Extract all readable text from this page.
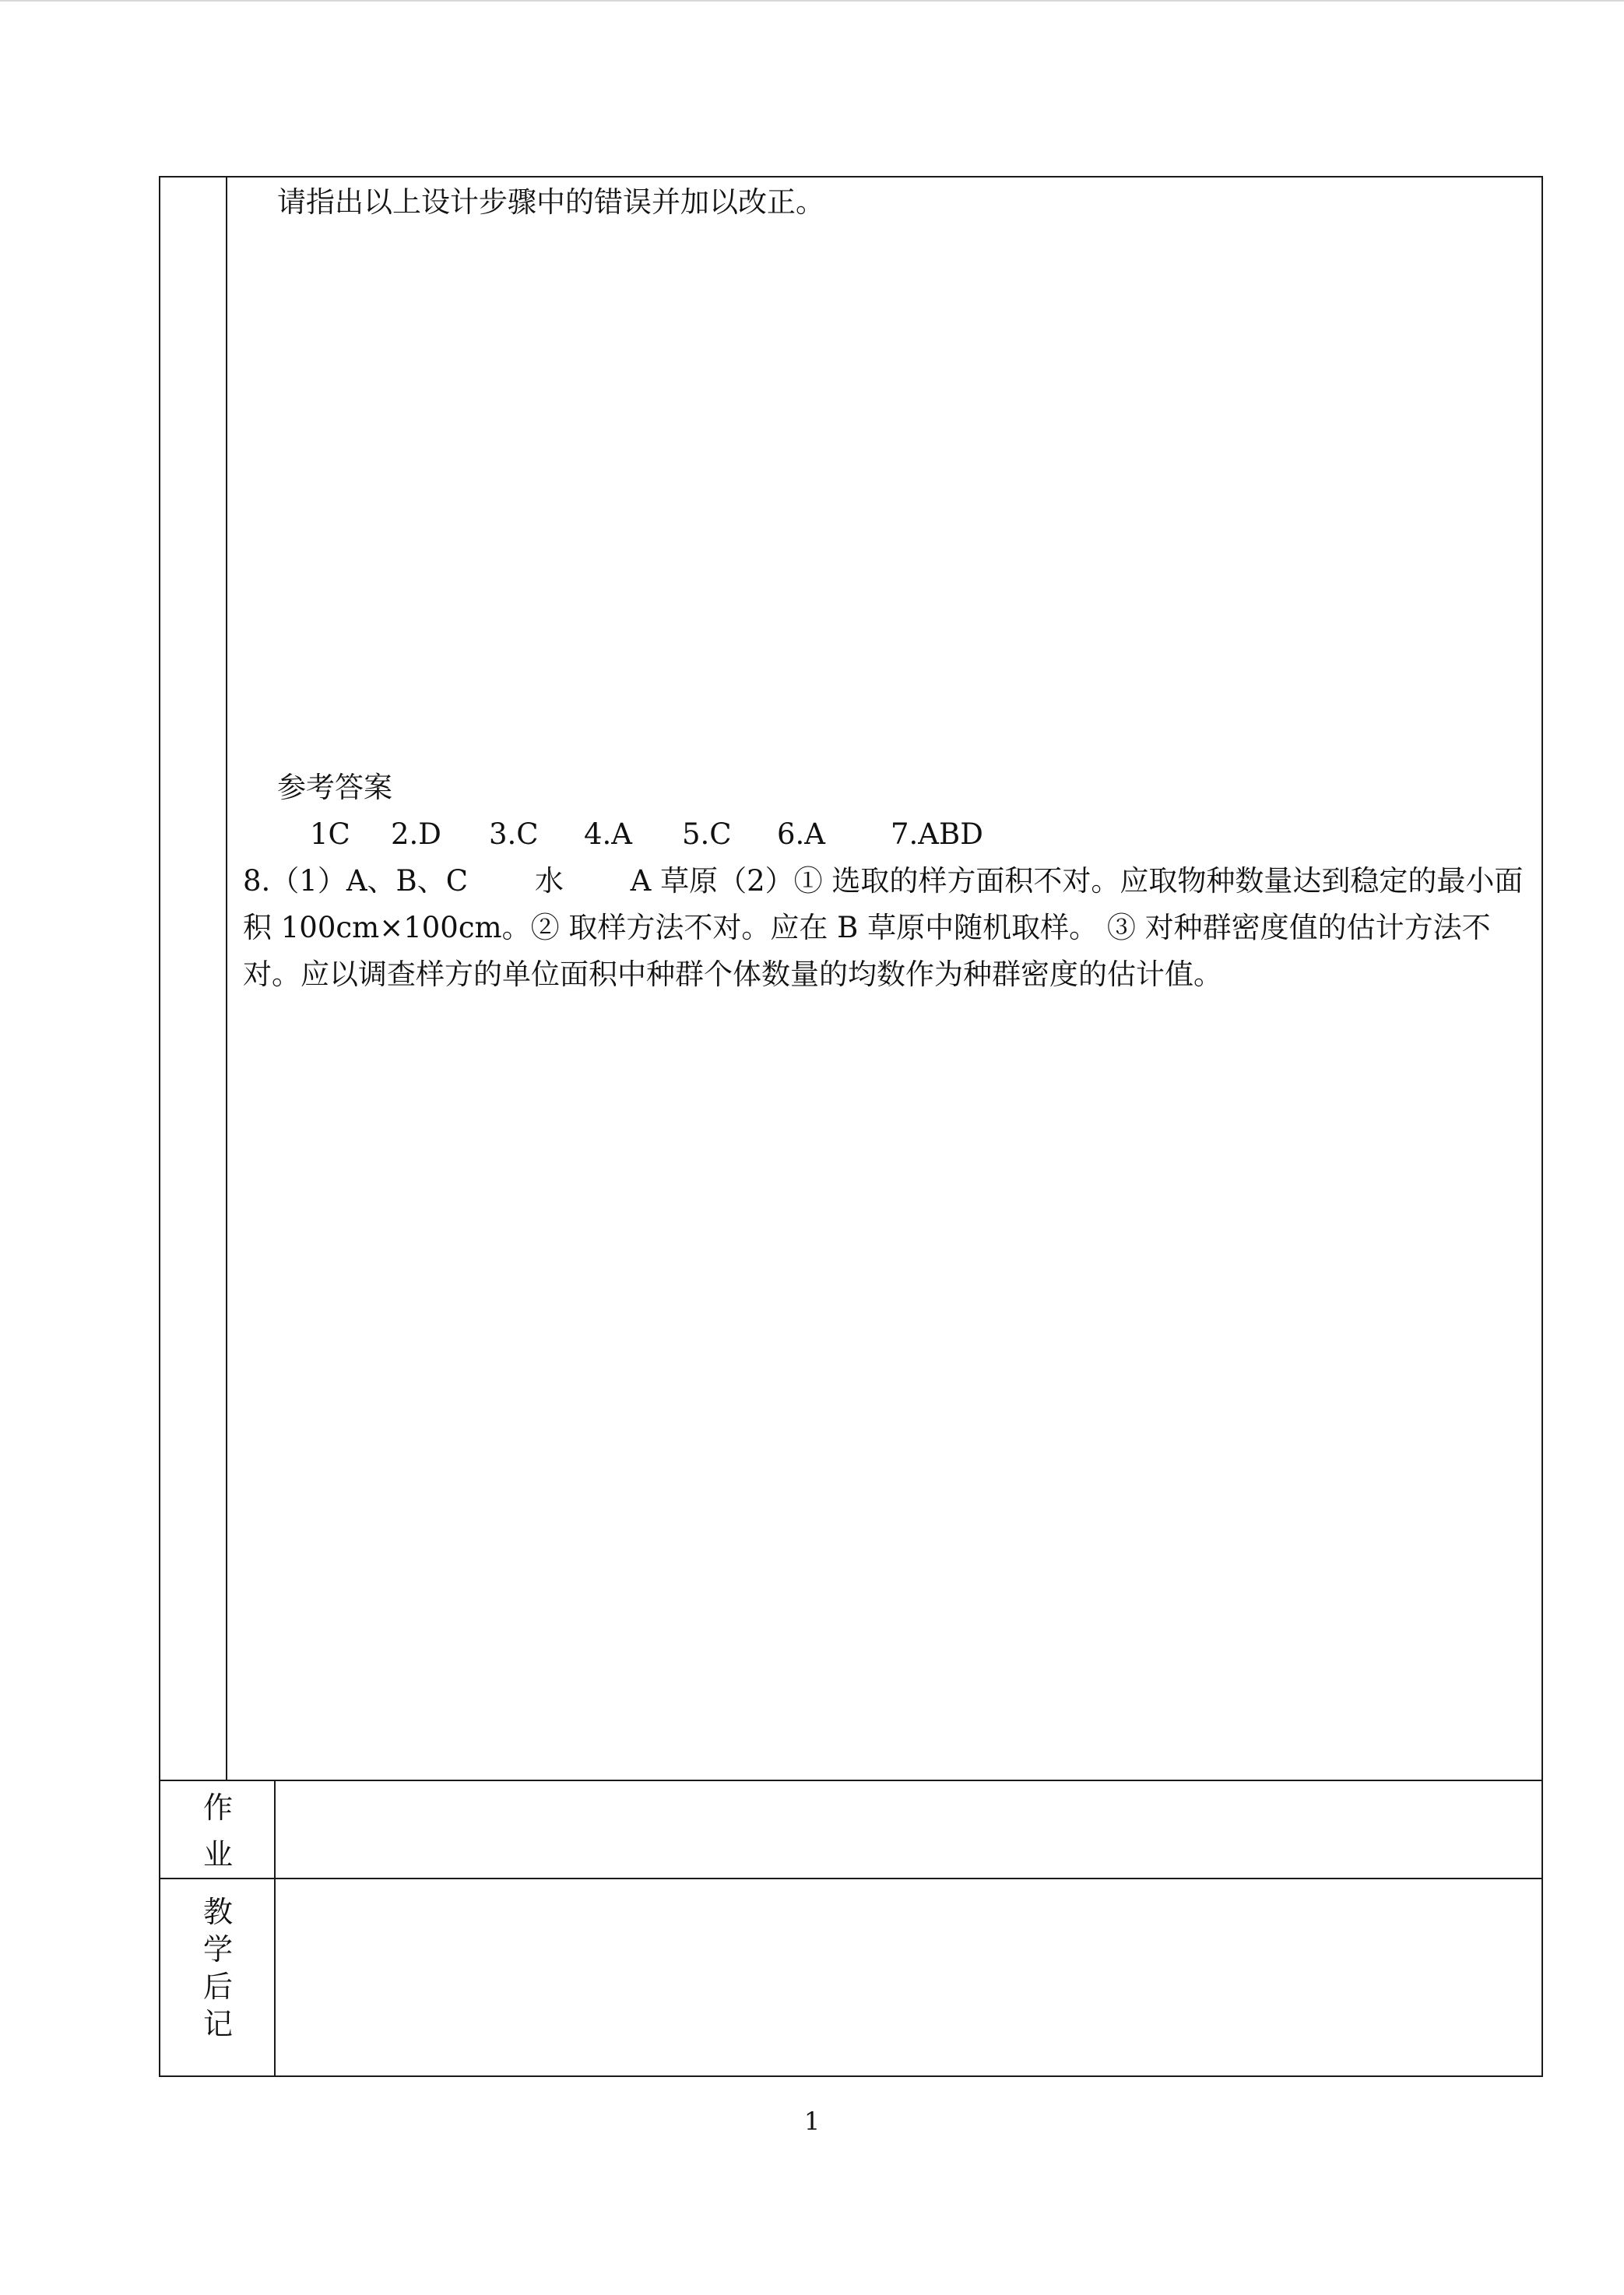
请指出以上设计步骤中的错误并加以改正。
参考答案
1C 2.D 3.C 4.A 5.C 6.A 7.ABD
8.（1）A、B、C　　 水　　 A 草原（2）① 选取的样方面积不对。应取物种数量达到稳定的最小面积 100cm×100cm。② 取样方法不对。应在 B 草原中随机取样。 ③ 对种群密度值的估计方法不对。应以调查样方的单位面积中种群个体数量的均数作为种群密度的估计值。
作
业
教
学
后
记
1
